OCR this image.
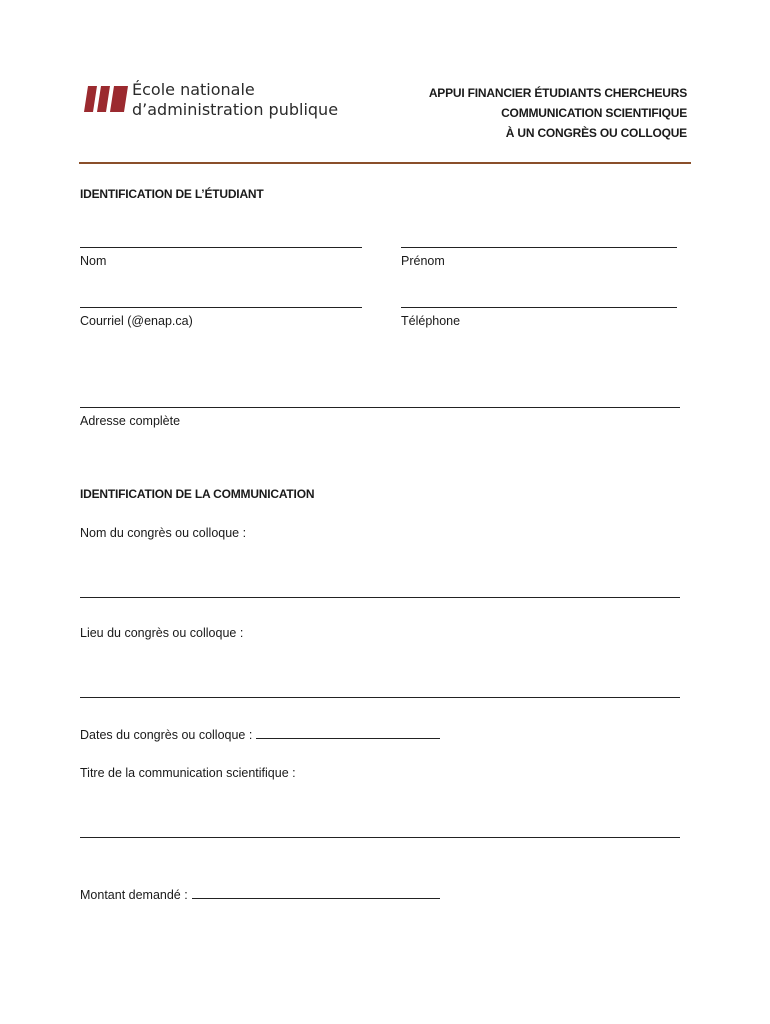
École nationale
d’administration publique
APPUI FINANCIER ÉTUDIANTS CHERCHEURS
COMMUNICATION SCIENTIFIQUE
À UN CONGRÈS OU COLLOQUE
IDENTIFICATION DE L’ÉTUDIANT
Nom	Prénom
Courriel (@enap.ca)	Téléphone
Adresse complète
IDENTIFICATION DE LA COMMUNICATION
Nom du congrès ou colloque :
Lieu du congrès ou colloque :
Dates du congrès ou colloque :
Titre de la communication scientifique :
Montant demandé :
